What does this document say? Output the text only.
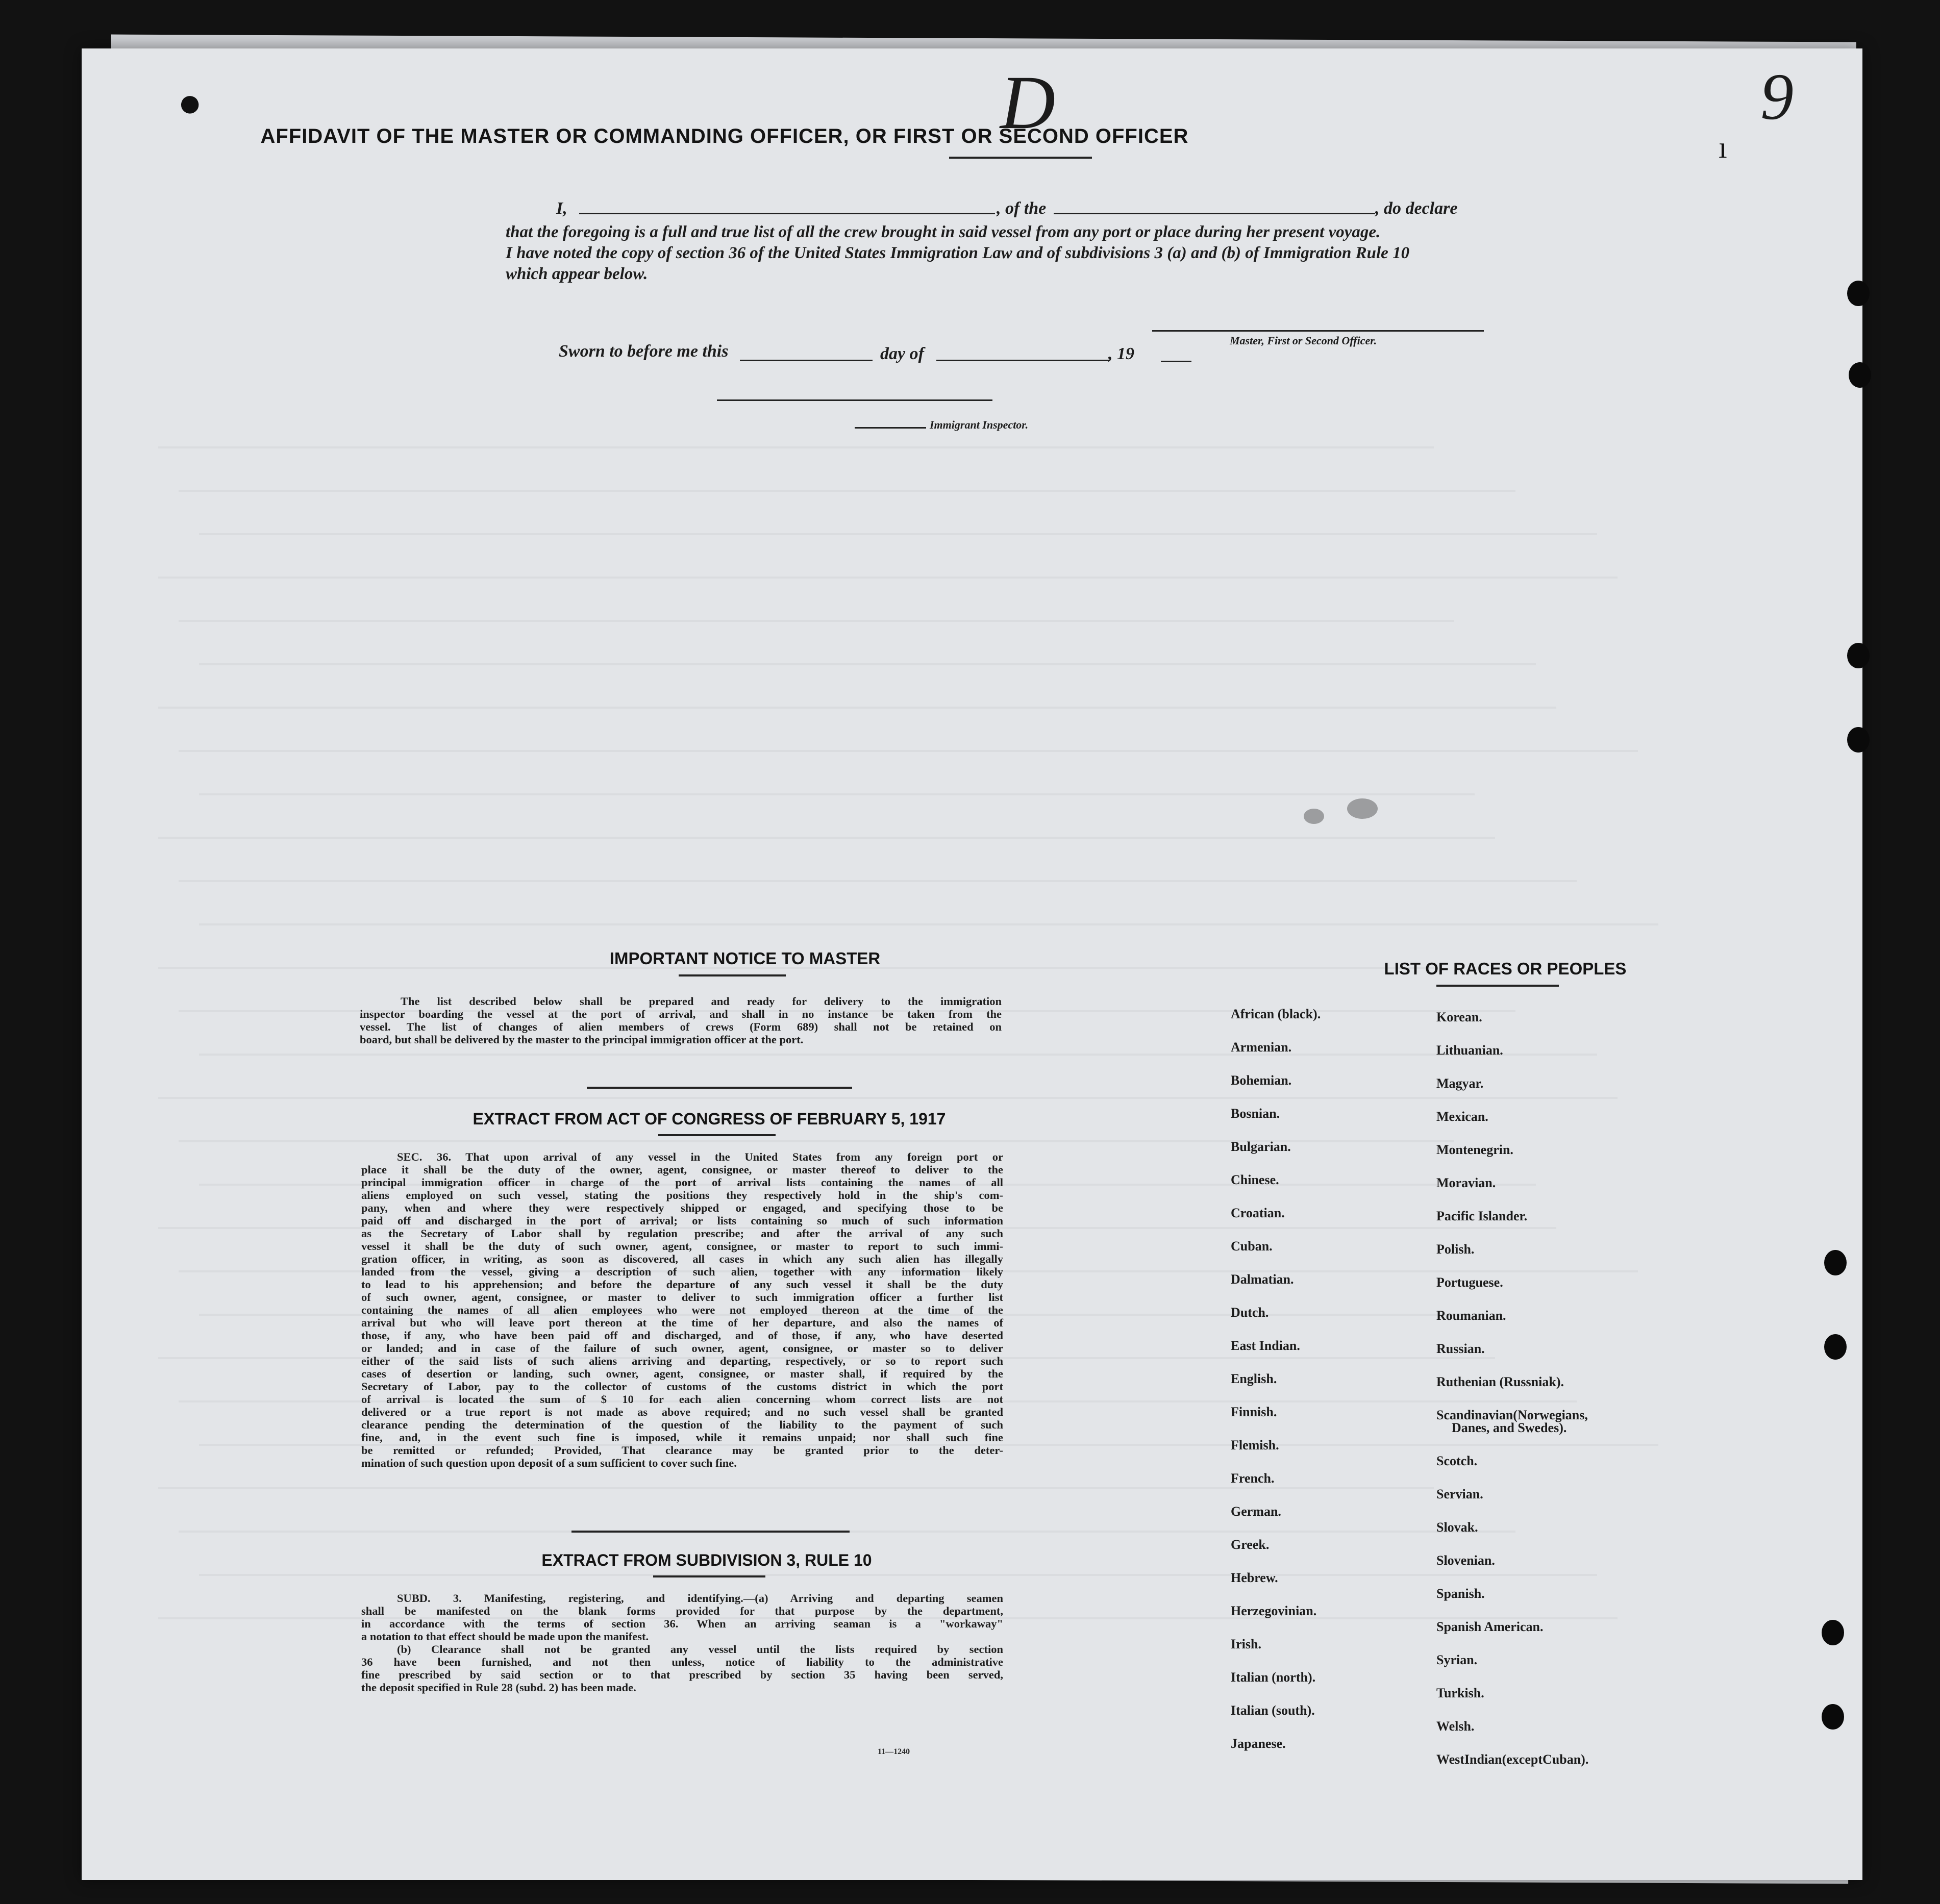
●	D	9
ı
AFFIDAVIT OF THE MASTER OR COMMANDING OFFICER, OR FIRST OR SECOND OFFICER
I,	, of the	, do declare
that the foregoing is a full and true list of all the crew brought in said vessel from any port or place during her present voyage.
I have noted the copy of section 36 of the United States Immigration Law and of subdivisions 3 (a) and (b) of Immigration Rule 10
which appear below.
Master, First or Second Officer.
Sworn to before me this	day of	, 19
Immigrant Inspector.
IMPORTANT NOTICE TO MASTER
The list described below shall be prepared and ready for delivery to the immigration
inspector boarding the vessel at the port of arrival, and shall in no instance be taken from the
vessel. The list of changes of alien members of crews (Form 689) shall not be retained on
board, but shall be delivered by the master to the principal immigration officer at the port.
EXTRACT FROM ACT OF CONGRESS OF FEBRUARY 5, 1917
SEC. 36. That upon arrival of any vessel in the United States from any foreign port or
place it shall be the duty of the owner, agent, consignee, or master thereof to deliver to the
principal immigration officer in charge of the port of arrival lists containing the names of all
aliens employed on such vessel, stating the positions they respectively hold in the ship's com-
pany, when and where they were respectively shipped or engaged, and specifying those to be
paid off and discharged in the port of arrival; or lists containing so much of such information
as the Secretary of Labor shall by regulation prescribe; and after the arrival of any such
vessel it shall be the duty of such owner, agent, consignee, or master to report to such immi-
gration officer, in writing, as soon as discovered, all cases in which any such alien has illegally
landed from the vessel, giving a description of such alien, together with any information likely
to lead to his apprehension; and before the departure of any such vessel it shall be the duty
of such owner, agent, consignee, or master to deliver to such immigration officer a further list
containing the names of all alien employees who were not employed thereon at the time of the
arrival but who will leave port thereon at the time of her departure, and also the names of
those, if any, who have been paid off and discharged, and of those, if any, who have deserted
or landed; and in case of the failure of such owner, agent, consignee, or master so to deliver
either of the said lists of such aliens arriving and departing, respectively, or so to report such
cases of desertion or landing, such owner, agent, consignee, or master shall, if required by the
Secretary of Labor, pay to the collector of customs of the customs district in which the port
of arrival is located the sum of $ 10 for each alien concerning whom correct lists are not
delivered or a true report is not made as above required; and no such vessel shall be granted
clearance pending the determination of the question of the liability to the payment of such
fine, and, in the event such fine is imposed, while it remains unpaid; nor shall such fine
be remitted or refunded; Provided, That clearance may be granted prior to the deter-
mination of such question upon deposit of a sum sufficient to cover such fine.
EXTRACT FROM SUBDIVISION 3, RULE 10
SUBD. 3. Manifesting, registering, and identifying.—(a) Arriving and departing seamen
shall be manifested on the blank forms provided for that purpose by the department,
in accordance with the terms of section 36. When an arriving seaman is a "workaway"
a notation to that effect should be made upon the manifest.
(b) Clearance shall not be granted any vessel until the lists required by section
36 have been furnished, and not then unless, notice of liability to the administrative
fine prescribed by said section or to that prescribed by section 35 having been served,
the deposit specified in Rule 28 (subd. 2) has been made.
11—1240
LIST OF RACES OR PEOPLES
African (black).
Armenian.
Bohemian.
Bosnian.
Bulgarian.
Chinese.
Croatian.
Cuban.
Dalmatian.
Dutch.
East Indian.
English.
Finnish.
Flemish.
French.
German.
Greek.
Hebrew.
Herzegovinian.
Irish.
Italian (north).
Italian (south).
Japanese.
Korean.
Lithuanian.
Magyar.
Mexican.
Montenegrin.
Moravian.
Pacific Islander.
Polish.
Portuguese.
Roumanian.
Russian.
Ruthenian (Russniak).
Scandinavian(Norwegians,
Danes, and Swedes).
Scotch.
Servian.
Slovak.
Slovenian.
Spanish.
Spanish American.
Syrian.
Turkish.
Welsh.
WestIndian(exceptCuban).
